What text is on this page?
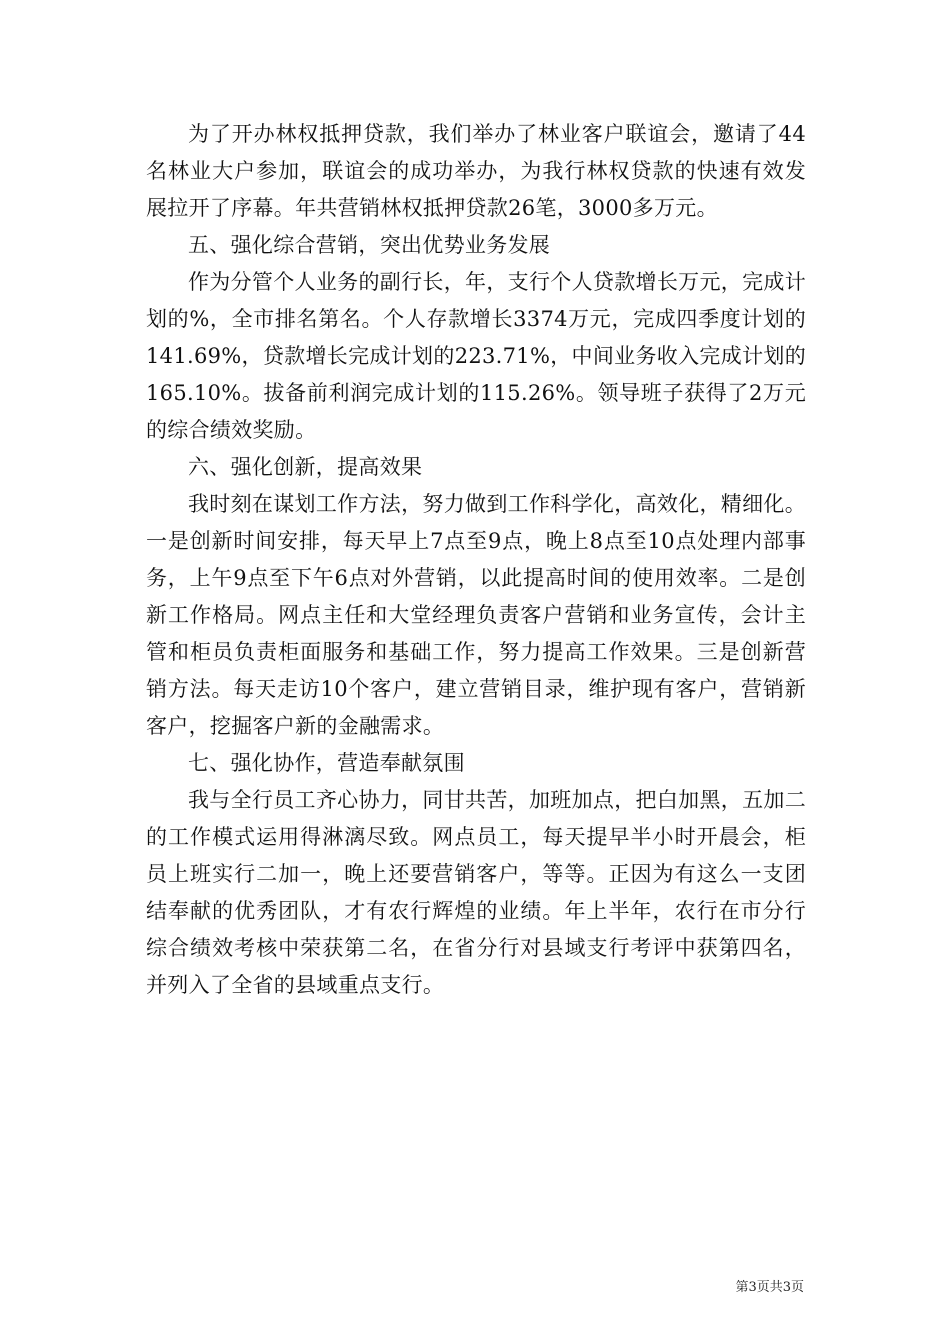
为了开办林权抵押贷款，我们举办了林业客户联谊会，邀请了44名林业大户参加，联谊会的成功举办，为我行林权贷款的快速有效发展拉开了序幕。年共营销林权抵押贷款26笔，3000多万元。

五、强化综合营销，突出优势业务发展

作为分管个人业务的副行长，年，支行个人贷款增长万元，完成计划的%，全市排名第名。个人存款增长3374万元，完成四季度计划的141.69%，贷款增长完成计划的223.71%，中间业务收入完成计划的165.10%。拔备前利润完成计划的115.26%。领导班子获得了2万元的综合绩效奖励。

六、强化创新，提高效果

我时刻在谋划工作方法，努力做到工作科学化，高效化，精细化。一是创新时间安排，每天早上7点至9点，晚上8点至10点处理内部事务，上午9点至下午6点对外营销，以此提高时间的使用效率。二是创新工作格局。网点主任和大堂经理负责客户营销和业务宣传，会计主管和柜员负责柜面服务和基础工作，努力提高工作效果。三是创新营销方法。每天走访10个客户，建立营销目录，维护现有客户，营销新客户，挖掘客户新的金融需求。

七、强化协作，营造奉献氛围

我与全行员工齐心协力，同甘共苦，加班加点，把白加黑，五加二的工作模式运用得淋漓尽致。网点员工，每天提早半小时开晨会，柜员上班实行二加一，晚上还要营销客户，等等。正因为有这么一支团结奉献的优秀团队，才有农行辉煌的业绩。年上半年，农行在市分行综合绩效考核中荣获第二名，在省分行对县域支行考评中获第四名，并列入了全省的县域重点支行。

第3页共3页
